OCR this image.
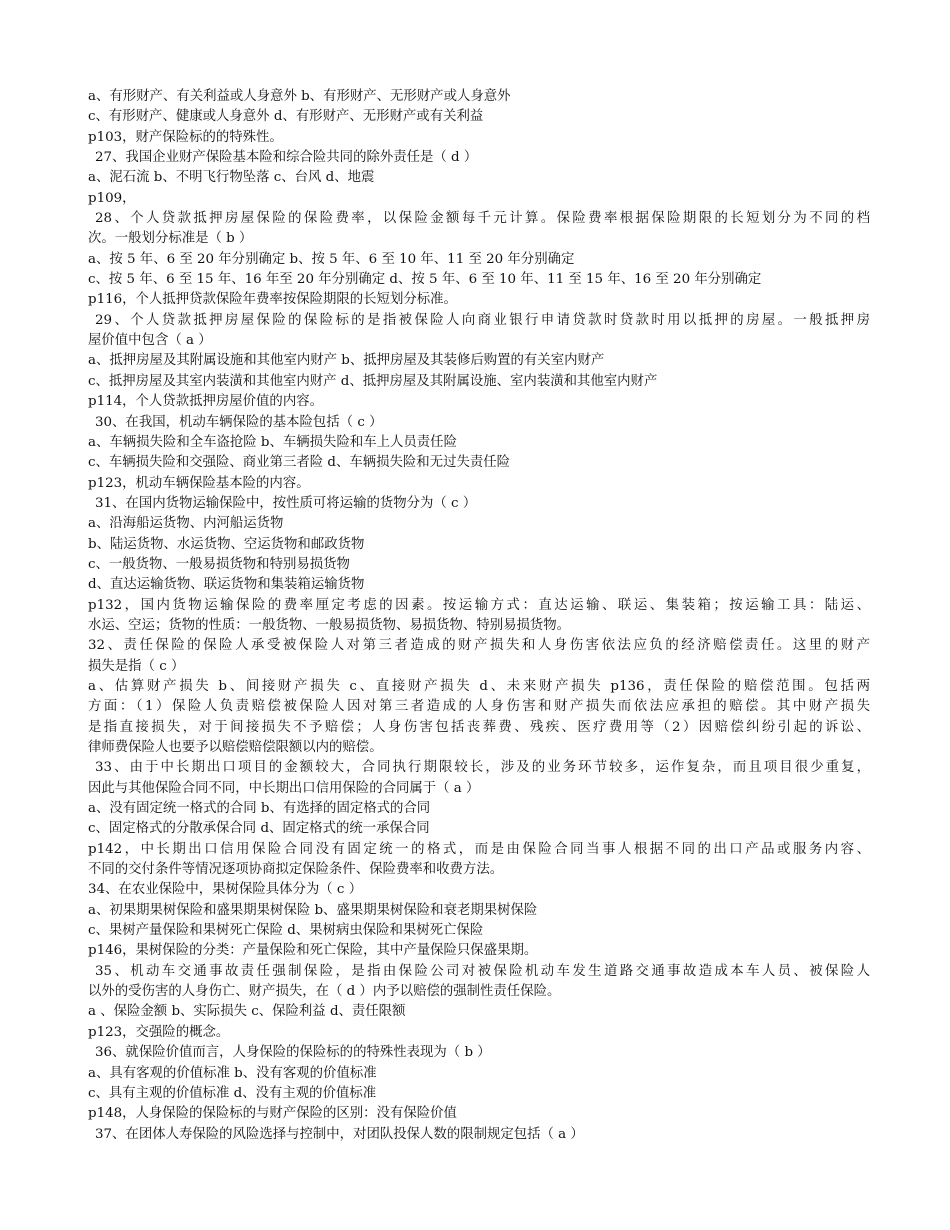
a、有形财产、有关利益或人身意外 b、有形财产、无形财产或人身意外
c、有形财产、健康或人身意外 d、有形财产、无形财产或有关利益
p103，财产保险标的的特殊性。
27、我国企业财产保险基本险和综合险共同的除外责任是（ d ）
a、泥石流 b、不明飞行物坠落 c、台风 d、地震
p109，
28、个人贷款抵押房屋保险的保险费率，以保险金额每千元计算。保险费率根据保险期限的长短划分为不同的档
次。一般划分标准是（ b ）
a、按 5 年、6 至 20 年分别确定 b、按 5 年、6 至 10 年、11 至 20 年分别确定
c、按 5 年、6 至 15 年、16 年至 20 年分别确定 d、按 5 年、6 至 10 年、11 至 15 年、16 至 20 年分别确定
p116，个人抵押贷款保险年费率按保险期限的长短划分标准。
29、个人贷款抵押房屋保险的保险标的是指被保险人向商业银行申请贷款时贷款时用以抵押的房屋。一般抵押房
屋价值中包含（ a ）
a、抵押房屋及其附属设施和其他室内财产 b、抵押房屋及其装修后购置的有关室内财产
c、抵押房屋及其室内装潢和其他室内财产 d、抵押房屋及其附属设施、室内装潢和其他室内财产
p114，个人贷款抵押房屋价值的内容。
30、在我国，机动车辆保险的基本险包括（ c ）
a、车辆损失险和全车盗抢险 b、车辆损失险和车上人员责任险
c、车辆损失险和交强险、商业第三者险 d、车辆损失险和无过失责任险
p123，机动车辆保险基本险的内容。
31、在国内货物运输保险中，按性质可将运输的货物分为（ c ）
a、沿海船运货物、内河船运货物
b、陆运货物、水运货物、空运货物和邮政货物
c、一般货物、一般易损货物和特别易损货物
d、直达运输货物、联运货物和集装箱运输货物
p132，国内货物运输保险的费率厘定考虑的因素。按运输方式：直达运输、联运、集装箱；按运输工具：陆运、
水运、空运；货物的性质：一般货物、一般易损货物、易损货物、特别易损货物。
32、责任保险的保险人承受被保险人对第三者造成的财产损失和人身伤害依法应负的经济赔偿责任。这里的财产
损失是指（ c ）
a、估算财产损失 b、间接财产损失 c、直接财产损失 d、未来财产损失 p136，责任保险的赔偿范围。包括两
方面：（1）保险人负责赔偿被保险人因对第三者造成的人身伤害和财产损失而依法应承担的赔偿。其中财产损失
是指直接损失，对于间接损失不予赔偿；人身伤害包括丧葬费、残疾、医疗费用等（2）因赔偿纠纷引起的诉讼、
律师费保险人也要予以赔偿赔偿限额以内的赔偿。
33、由于中长期出口项目的金额较大，合同执行期限较长，涉及的业务环节较多，运作复杂，而且项目很少重复，
因此与其他保险合同不同，中长期出口信用保险的合同属于（ a ）
a、没有固定统一格式的合同 b、有选择的固定格式的合同
c、固定格式的分散承保合同 d、固定格式的统一承保合同
p142，中长期出口信用保险合同没有固定统一的格式，而是由保险合同当事人根据不同的出口产品或服务内容、
不同的交付条件等情况逐项协商拟定保险条件、保险费率和收费方法。
34、在农业保险中，果树保险具体分为（ c ）
a、初果期果树保险和盛果期果树保险 b、盛果期果树保险和衰老期果树保险
c、果树产量保险和果树死亡保险 d、果树病虫保险和果树死亡保险
p146，果树保险的分类：产量保险和死亡保险，其中产量保险只保盛果期。
35、机动车交通事故责任强制保险，是指由保险公司对被保险机动车发生道路交通事故造成本车人员、被保险人
以外的受伤害的人身伤亡、财产损失，在（ d ）内予以赔偿的强制性责任保险。
a 、保险金额 b、实际损失 c、保险利益 d、责任限额
p123，交强险的概念。
36、就保险价值而言，人身保险的保险标的的特殊性表现为（ b ）
a、具有客观的价值标准 b、没有客观的价值标准
c、具有主观的价值标准 d、没有主观的价值标准
p148，人身保险的保险标的与财产保险的区别：没有保险价值
37、在团体人寿保险的风险选择与控制中，对团队投保人数的限制规定包括（ a ）
